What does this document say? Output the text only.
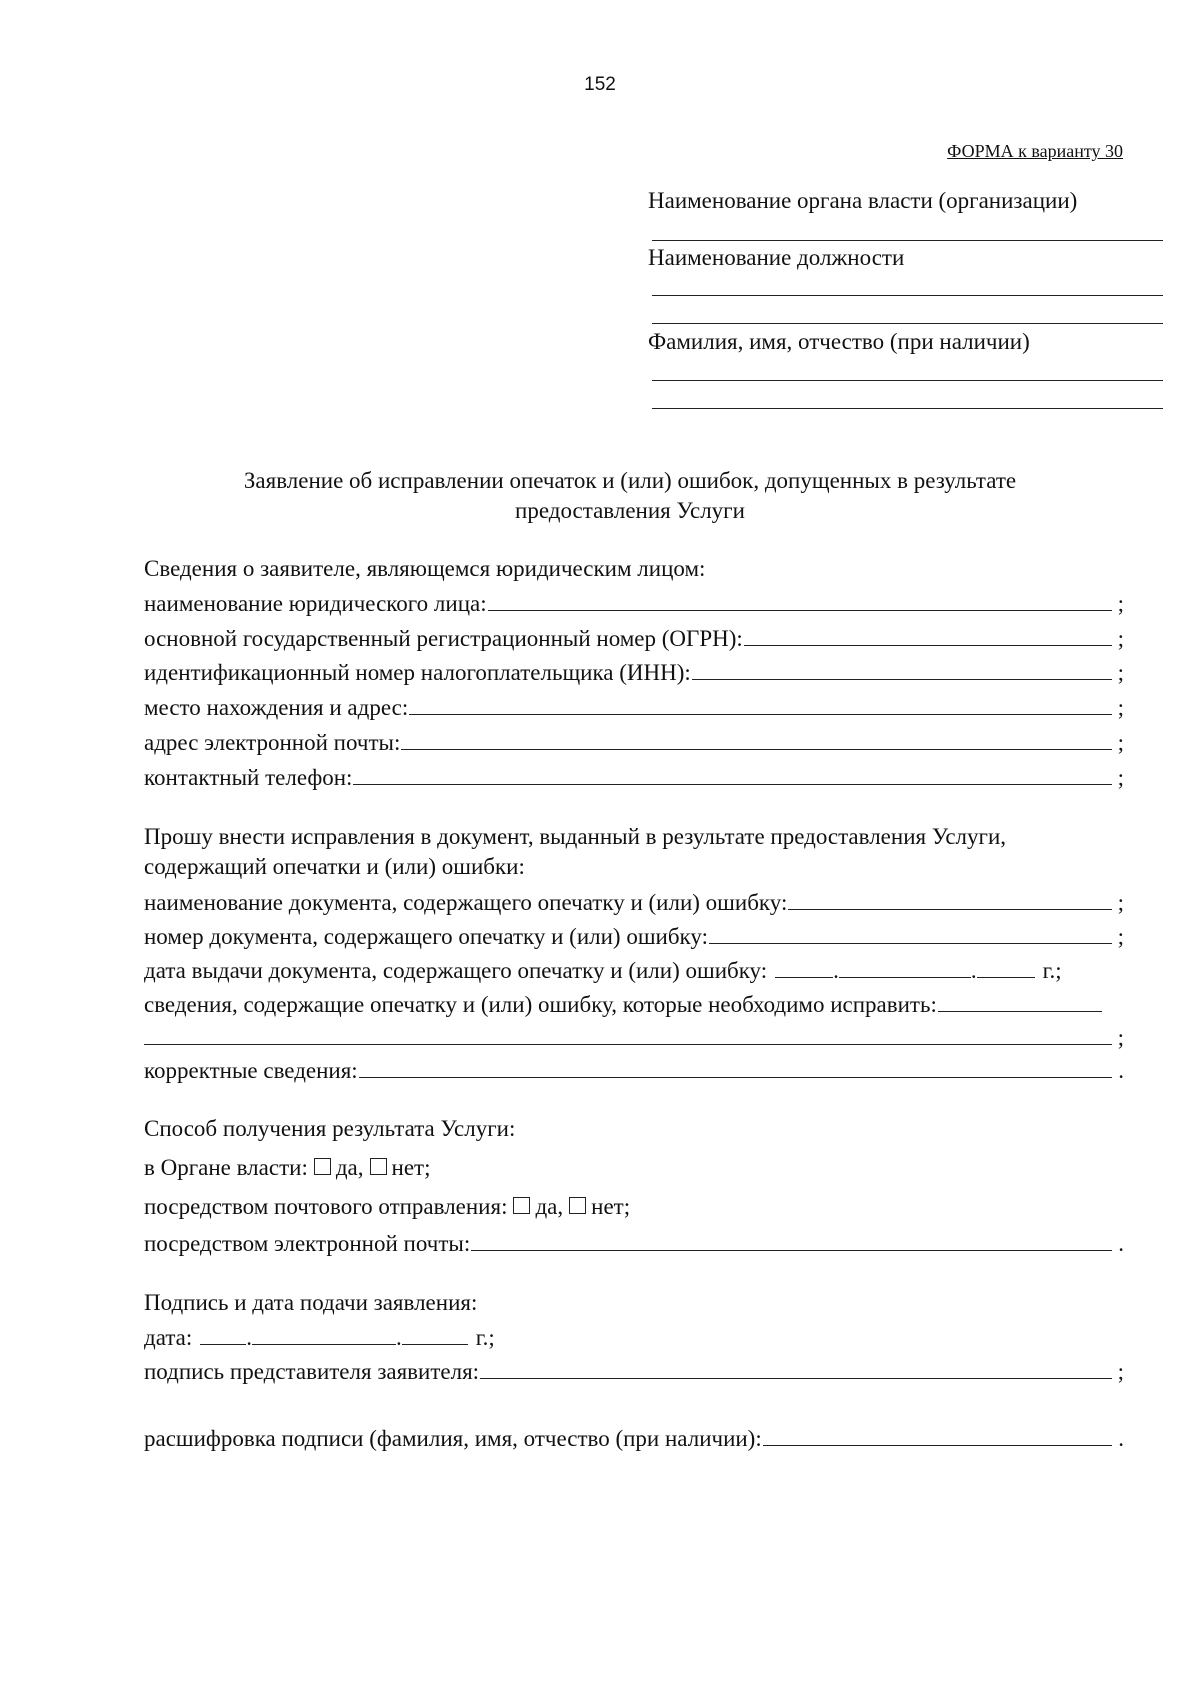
152
ФОРМА к варианту 30
Наименование органа власти (организации)
Наименование должности
Фамилия, имя, отчество (при наличии)
Заявление об исправлении опечаток и (или) ошибок, допущенных в результате
предоставления Услуги
Сведения о заявителе, являющемся юридическим лицом:
наименование юридического лица:	;
основной государственный регистрационный номер (ОГРН):	;
идентификационный номер налогоплательщика (ИНН):	;
место нахождения и адрес:	;
адрес электронной почты:	;
контактный телефон:	;
Прошу внести исправления в документ, выданный в результате предоставления Услуги,
содержащий опечатки и (или) ошибки:
наименование документа, содержащего опечатку и (или) ошибку:	;
номер документа, содержащего опечатку и (или) ошибку:	;
дата выдачи документа, содержащего опечатку и (или) ошибку:	.	.	г.;
сведения, содержащие опечатку и (или) ошибку, которые необходимо исправить:
;
корректные сведения:	.
Способ получения результата Услуги:
в Органе власти: да, нет;
посредством почтового отправления: да, нет;
посредством электронной почты:	.
Подпись и дата подачи заявления:
дата: .	.	г.;
подпись представителя заявителя:	;
расшифровка подписи (фамилия, имя, отчество (при наличии):	.
